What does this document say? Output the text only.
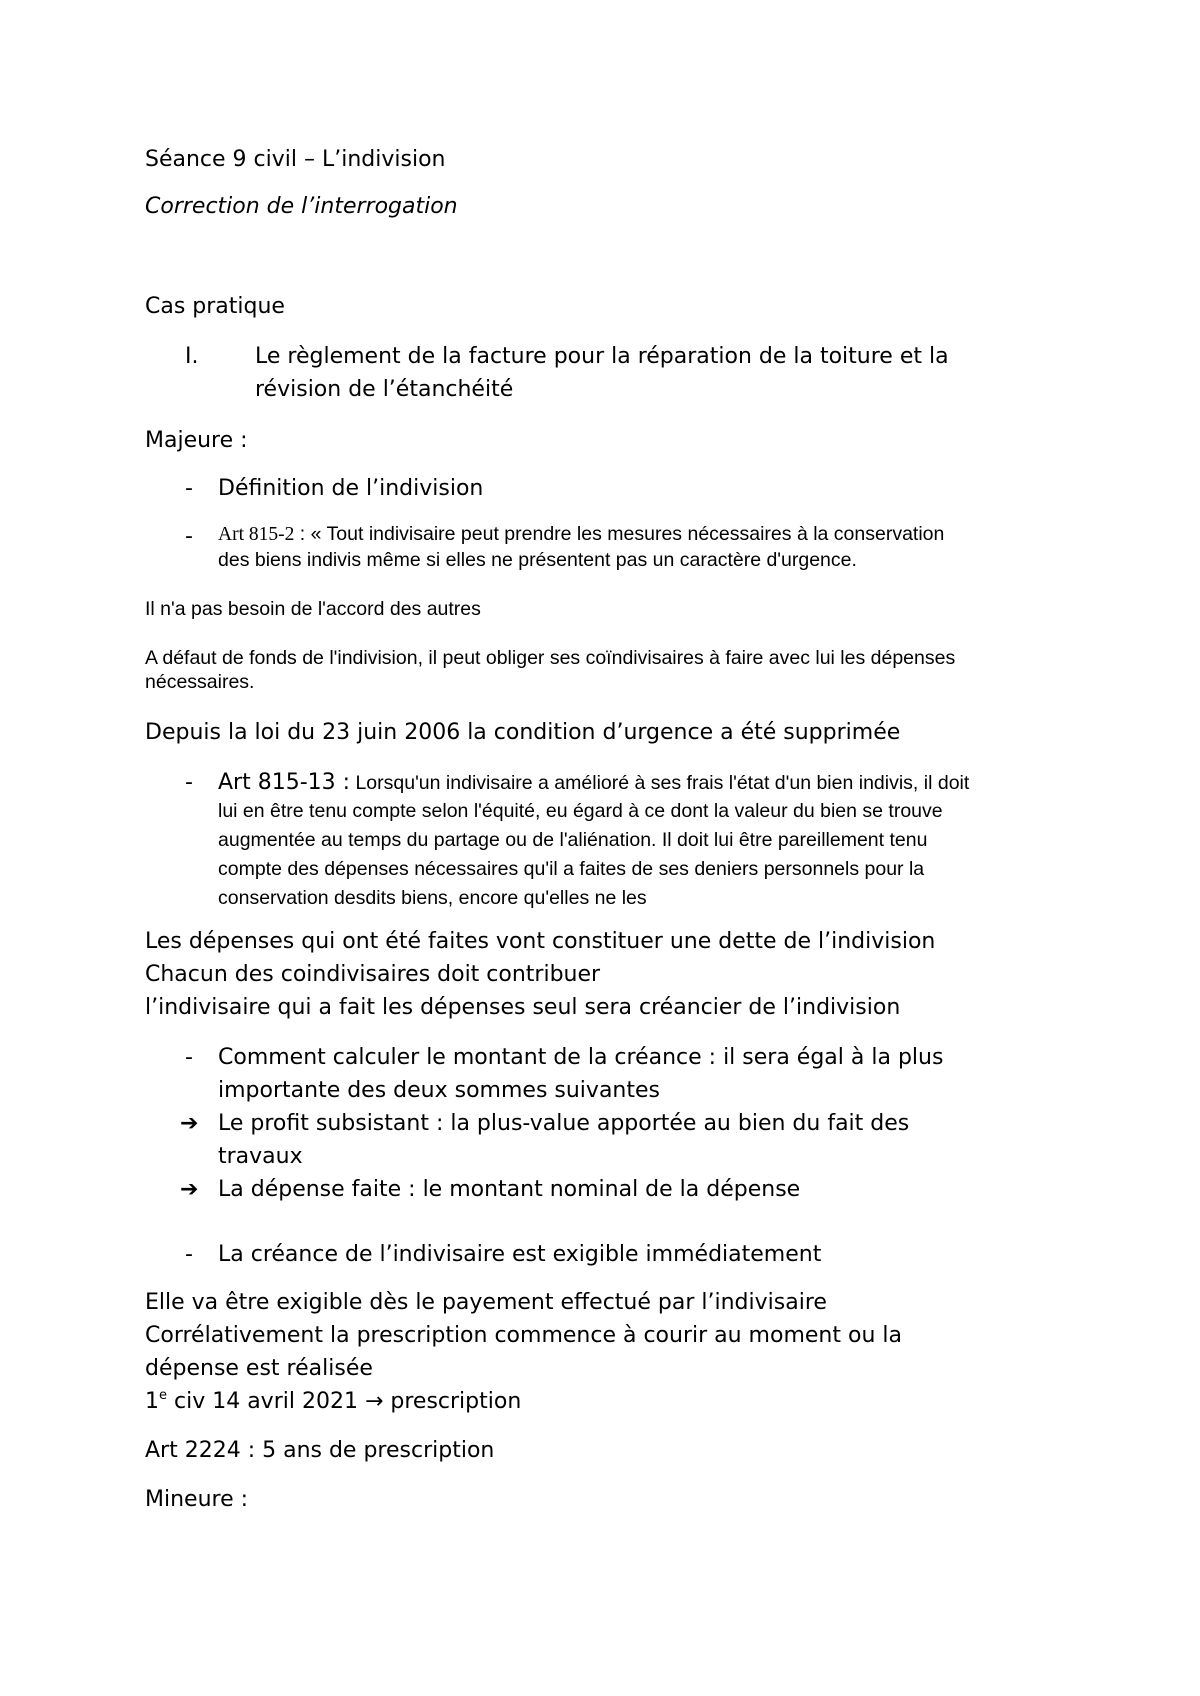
Séance 9 civil – L’indivision

Correction de l’interrogation

Cas pratique

I.	Le règlement de la facture pour la réparation de la toiture et la

révision de l’étanchéité

Majeure :

- Définition de l’indivision

- Art 815-2 : « Tout indivisaire peut prendre les mesures nécessaires à la conservation

des biens indivis même si elles ne présentent pas un caractère d'urgence.

Il n'a pas besoin de l'accord des autres

A défaut de fonds de l'indivision, il peut obliger ses coïndivisaires à faire avec lui les dépenses

nécessaires.

Depuis la loi du 23 juin 2006 la condition d’urgence a été supprimée

- Art 815-13 : Lorsqu'un indivisaire a amélioré à ses frais l'état d'un bien indivis, il doit

lui en être tenu compte selon l'équité, eu égard à ce dont la valeur du bien se trouve

augmentée au temps du partage ou de l'aliénation. Il doit lui être pareillement tenu

compte des dépenses nécessaires qu'il a faites de ses deniers personnels pour la

conservation desdits biens, encore qu'elles ne les

Les dépenses qui ont été faites vont constituer une dette de l’indivision

Chacun des coindivisaires doit contribuer

l’indivisaire qui a fait les dépenses seul sera créancier de l’indivision

- Comment calculer le montant de la créance : il sera égal à la plus

importante des deux sommes suivantes

➔ Le profit subsistant : la plus-value apportée au bien du fait des

travaux

➔ La dépense faite : le montant nominal de la dépense

- La créance de l’indivisaire est exigible immédiatement

Elle va être exigible dès le payement effectué par l’indivisaire

Corrélativement la prescription commence à courir au moment ou la

dépense est réalisée

1e civ 14 avril 2021 → prescription

Art 2224 : 5 ans de prescription

Mineure :
